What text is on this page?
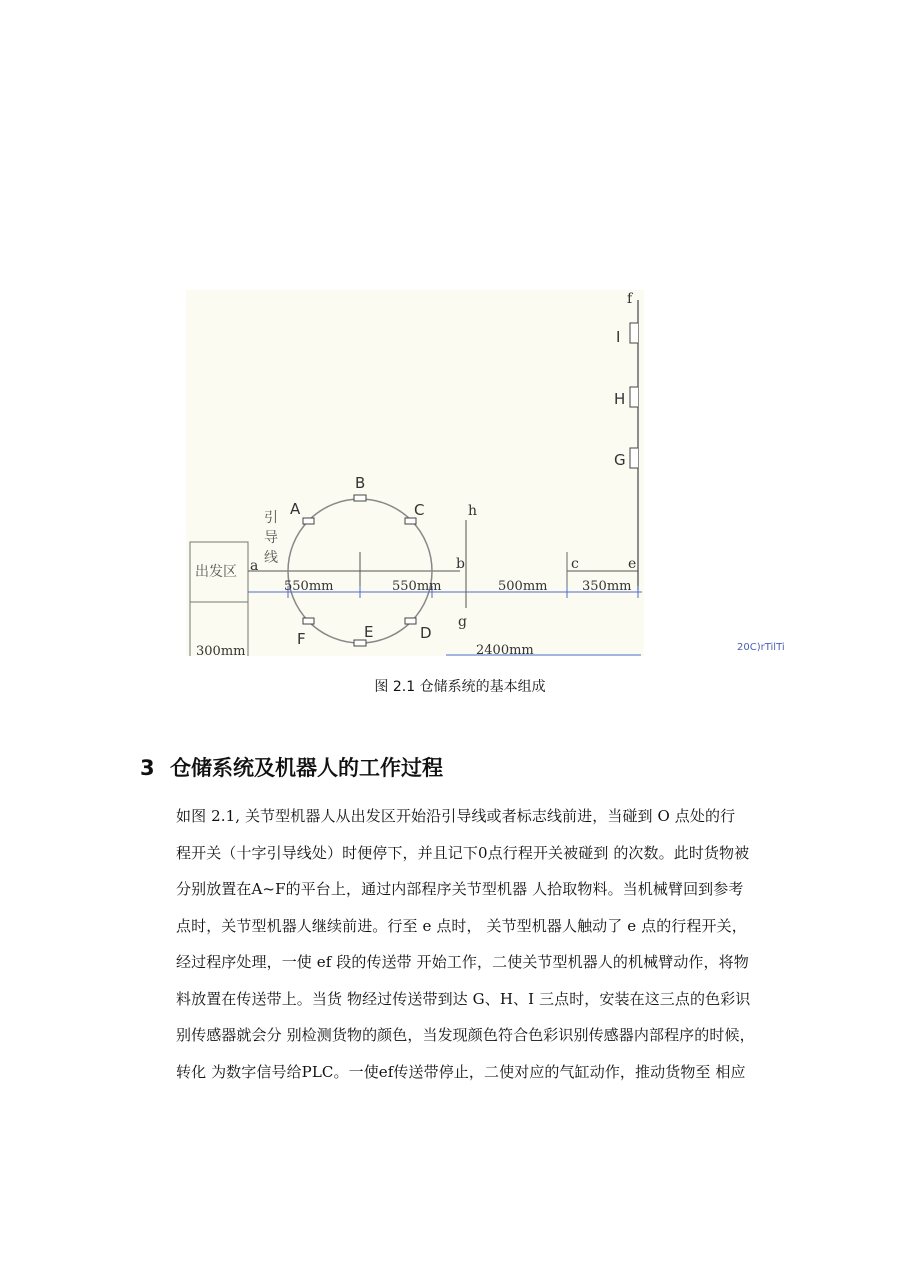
出发区 a	b
h
g
c	e
f
B
A	C
F	E	D
I
H
G
引
导
线
550mm	550mm	500mm	350mm
300mm	2400mm	20C)rTilTi
图 2.1 仓储系统的基本组成
3 仓储系统及机器人的工作过程
如图 2.1, 关节型机器人从出发区开始沿引导线或者标志线前进，当碰到 O 点处的行
程开关（十字引导线处）时便停下，并且记下0点行程开关被碰到 的次数。此时货物被
分别放置在A~F的平台上，通过内部程序关节型机器 人拾取物料。当机械臂回到参考
点时，关节型机器人继续前进。行至 e 点时， 关节型机器人触动了 e 点的行程开关，
经过程序处理，一使 ef 段的传送带 开始工作，二使关节型机器人的机械臂动作，将物
料放置在传送带上。当货 物经过传送带到达 G、H、I 三点时，安装在这三点的色彩识
别传感器就会分 别检测货物的颜色，当发现颜色符合色彩识别传感器内部程序的时候，
转化 为数字信号给PLC。一使ef传送带停止，二使对应的气缸动作，推动货物至 相应
